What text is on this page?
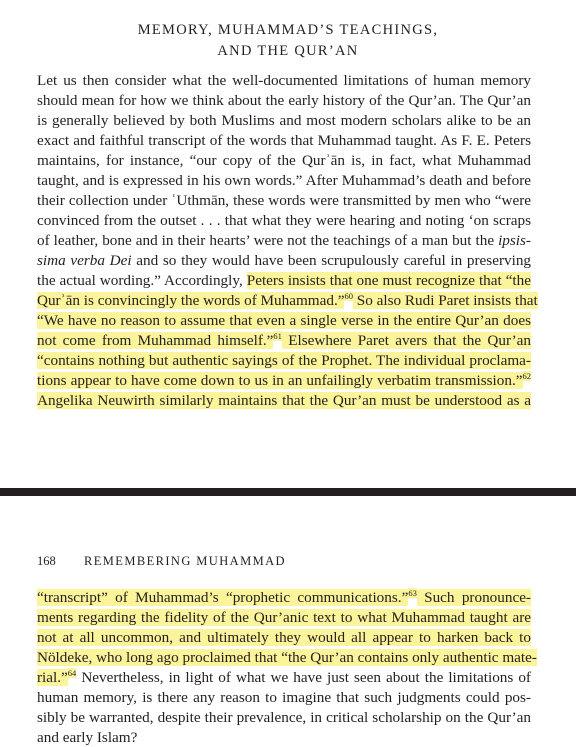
MEMORY, MUHAMMAD’S TEACHINGS,
AND THE QUR’AN
Let us then consider what the well-documented limitations of human memory
should mean for how we think about the early history of the Qur’an. The Qur’an
is generally believed by both Muslims and most modern scholars alike to be an
exact and faithful transcript of the words that Muhammad taught. As F. E. Peters
maintains, for instance, “our copy of the Qurʾān is, in fact, what Muhammad
taught, and is expressed in his own words.” After Muhammad’s death and before
their collection under ʿUthmān, these words were transmitted by men who “were
convinced from the outset . . . that what they were hearing and noting ‘on scraps
of leather, bone and in their hearts’ were not the teachings of a man but the ipsis-
sima verba Dei and so they would have been scrupulously careful in preserving
the actual wording.” Accordingly, Peters insists that one must recognize that “the
Qurʾān is convincingly the words of Muhammad.”$^{60}$ So also Rudi Paret insists that
“We have no reason to assume that even a single verse in the entire Qur’an does
not come from Muhammad himself.”$^{61}$ Elsewhere Paret avers that the Qur’an
“contains nothing but authentic sayings of the Prophet. The individual proclama-
tions appear to have come down to us in an unfailingly verbatim transmission.”$^{62}$
Angelika Neuwirth similarly maintains that the Qur’an must be understood as a
168 REMEMBERING MUHAMMAD
“transcript” of Muhammad’s “prophetic communications.”$^{63}$ Such pronounce-
ments regarding the fidelity of the Qur’anic text to what Muhammad taught are
not at all uncommon, and ultimately they would all appear to harken back to
Nöldeke, who long ago proclaimed that “the Qur’an contains only authentic mate-
rial.”$^{64}$ Nevertheless, in light of what we have just seen about the limitations of
human memory, is there any reason to imagine that such judgments could pos-
sibly be warranted, despite their prevalence, in critical scholarship on the Qur’an
and early Islam?
